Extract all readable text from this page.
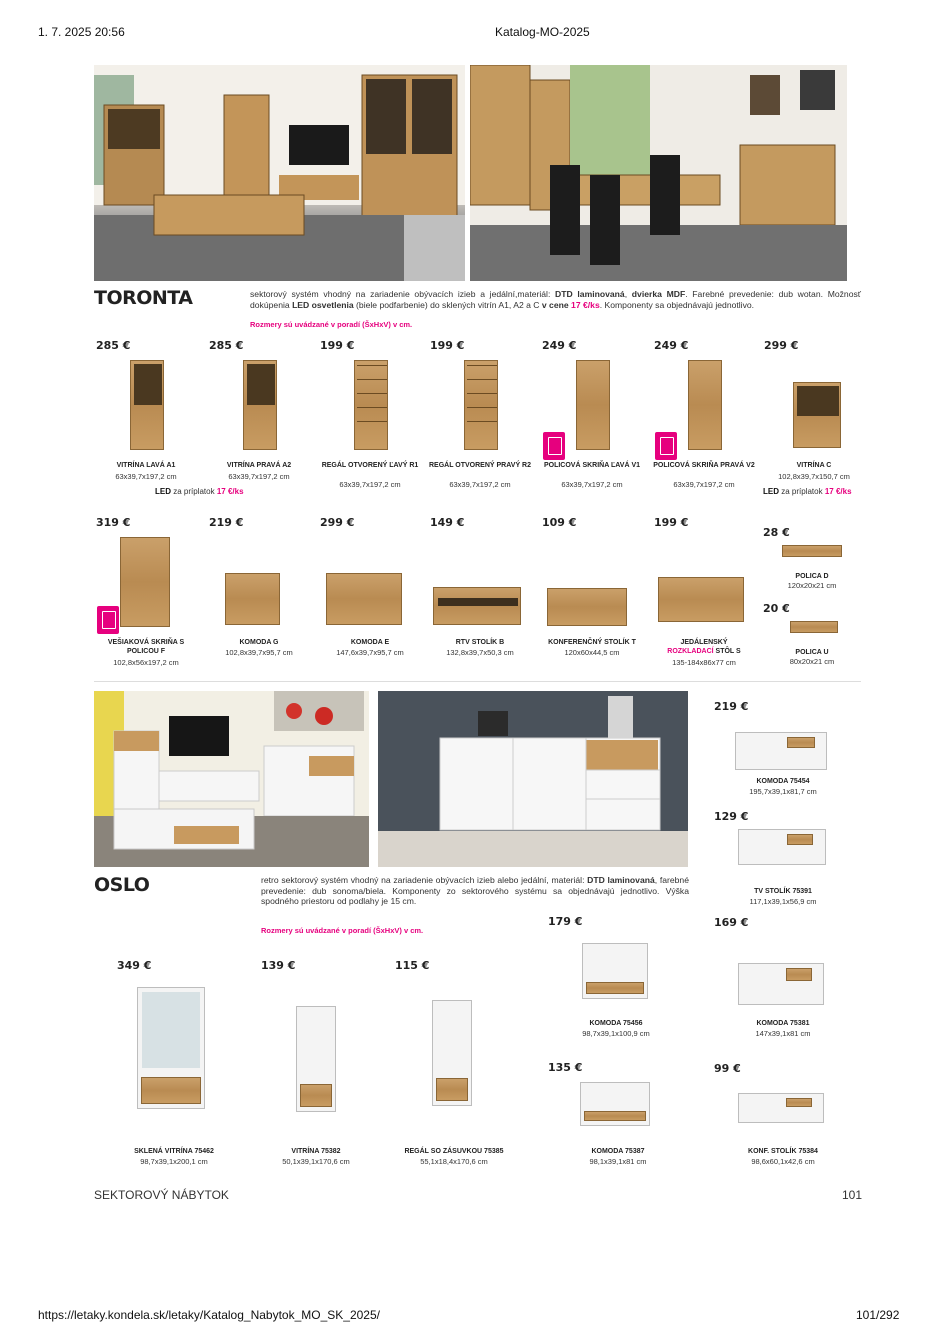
1. 7. 2025 20:56	Katalog-MO-2025
TORONTA	sektorový systém vhodný na zariadenie obývacích izieb a jedální,materiál: DTD laminovaná, dvierka MDF. Farebné prevedenie: dub wotan. Možnosť dokúpenia LED osvetlenia (biele podfarbenie) do sklených vitrín A1, A2 a C v cene 17 €/ks. Komponenty sa objednávajú jednotlivo.
Rozmery sú uvádzané v poradí (ŠxHxV) v cm.
285 €
VITRÍNA LAVÁ A1
63x39,7x197,2 cm
285 €
VITRÍNA PRAVÁ A2
63x39,7x197,2 cm
199 €
REGÁL OTVORENÝ ĽAVÝ R1
63x39,7x197,2 cm
199 €
REGÁL OTVORENÝ PRAVÝ R2
63x39,7x197,2 cm
249 €
POLICOVÁ SKRIŇA ĽAVÁ V1
63x39,7x197,2 cm
249 €
POLICOVÁ SKRIŇA PRAVÁ V2
63x39,7x197,2 cm
299 €
VITRÍNA C
102,8x39,7x150,7 cm
LED za príplatok 17 €/ks	LED za príplatok 17 €/ks
319 €
VEŠIAKOVÁ SKRIŇA S POLICOU F
102,8x56x197,2 cm
219 €
KOMODA G
102,8x39,7x95,7 cm
299 €
KOMODA E
147,6x39,7x95,7 cm
149 €
RTV STOLÍK B
132,8x39,7x50,3 cm
109 €
KONFERENČNÝ STOLÍK T
120x60x44,5 cm
199 €
JEDÁLENSKÝ
ROZKLADACÍ STÔL S
135-184x86x77 cm
28 €
POLICA D
120x20x21 cm
20 €
POLICA U
80x20x21 cm
OSLO	retro sektorový systém vhodný na zariadenie obývacích izieb alebo jedální, materiál: DTD laminovaná, farebné prevedenie: dub sonoma/biela. Komponenty zo sektorového systému sa objednávajú jednotlivo. Výška spodného priestoru od podlahy je 15 cm.
Rozmery sú uvádzané v poradí (ŠxHxV) v cm.
219 €
KOMODA 75454
195,7x39,1x81,7 cm
129 €
TV STOLÍK 75391
117,1x39,1x56,9 cm
169 €
KOMODA 75381
147x39,1x81 cm
99 €
KONF. STOLÍK 75384
98,6x60,1x42,6 cm
349 €
SKLENÁ VITRÍNA 75462
98,7x39,1x200,1 cm
139 €
VITRÍNA 75382
50,1x39,1x170,6 cm
115 €
REGÁL SO ZÁSUVKOU 75385
55,1x18,4x170,6 cm
179 €
KOMODA 75456
98,7x39,1x100,9 cm
135 €
KOMODA 75387
98,1x39,1x81 cm
SEKTOROVÝ NÁBYTOK	101
https://letaky.kondela.sk/letaky/Katalog_Nabytok_MO_SK_2025/	101/292
